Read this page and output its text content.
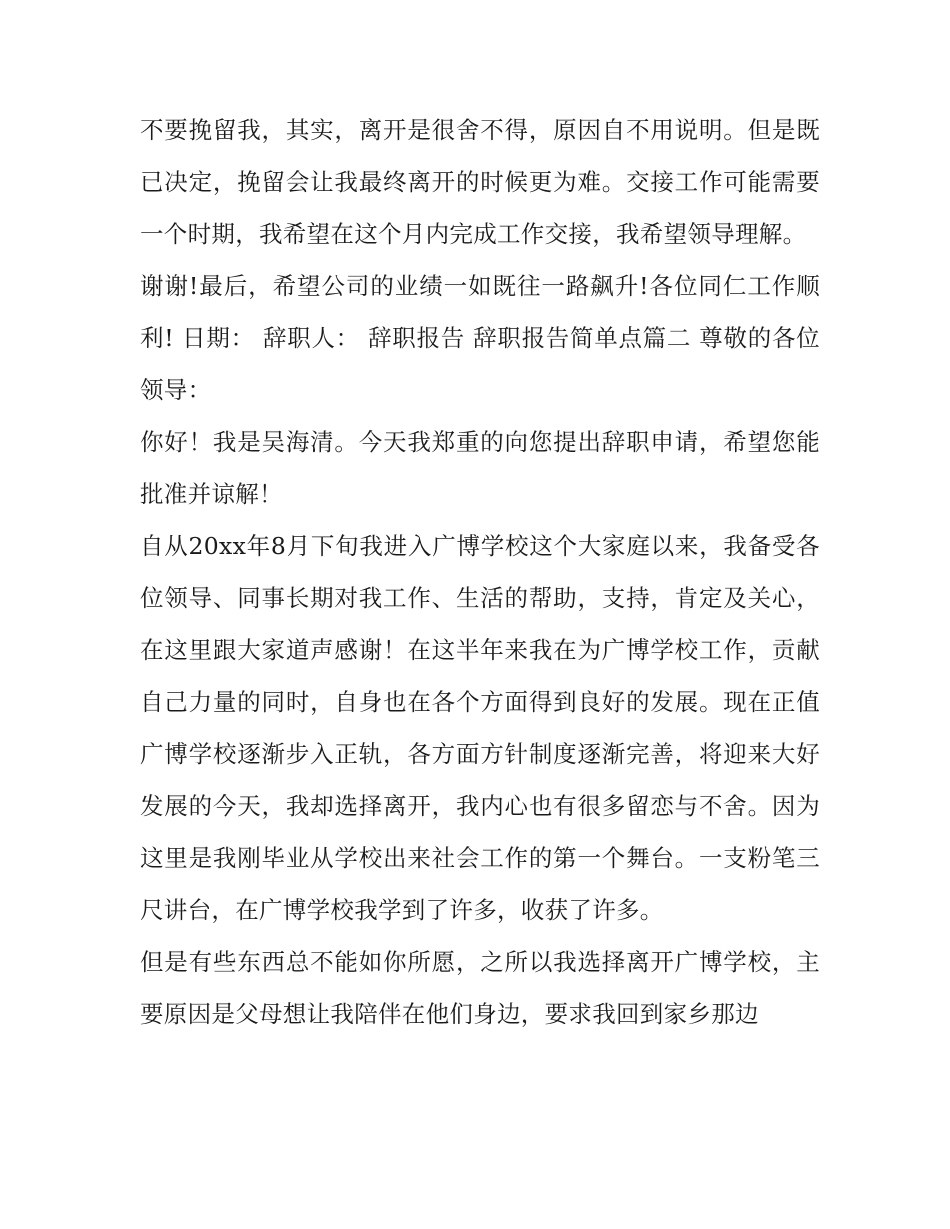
不要挽留我，其实，离开是很舍不得，原因自不用说明。但是既已决定，挽留会让我最终离开的时候更为难。交接工作可能需要一个时期，我希望在这个月内完成工作交接，我希望领导理解。

谢谢!最后，希望公司的业绩一如既往一路飙升!各位同仁工作顺利! 日期： 辞职人： 辞职报告 辞职报告简单点篇二 尊敬的各位领导：

你好！我是吴海清。今天我郑重的向您提出辞职申请，希望您能批准并谅解！

自从20xx年8月下旬我进入广博学校这个大家庭以来，我备受各位领导、同事长期对我工作、生活的帮助，支持，肯定及关心，在这里跟大家道声感谢！在这半年来我在为广博学校工作，贡献自己力量的同时，自身也在各个方面得到良好的发展。现在正值广博学校逐渐步入正轨，各方面方针制度逐渐完善，将迎来大好发展的今天，我却选择离开，我内心也有很多留恋与不舍。因为这里是我刚毕业从学校出来社会工作的第一个舞台。一支粉笔三尺讲台，在广博学校我学到了许多，收获了许多。

但是有些东西总不能如你所愿，之所以我选择离开广博学校，主要原因是父母想让我陪伴在他们身边，要求我回到家乡那边
